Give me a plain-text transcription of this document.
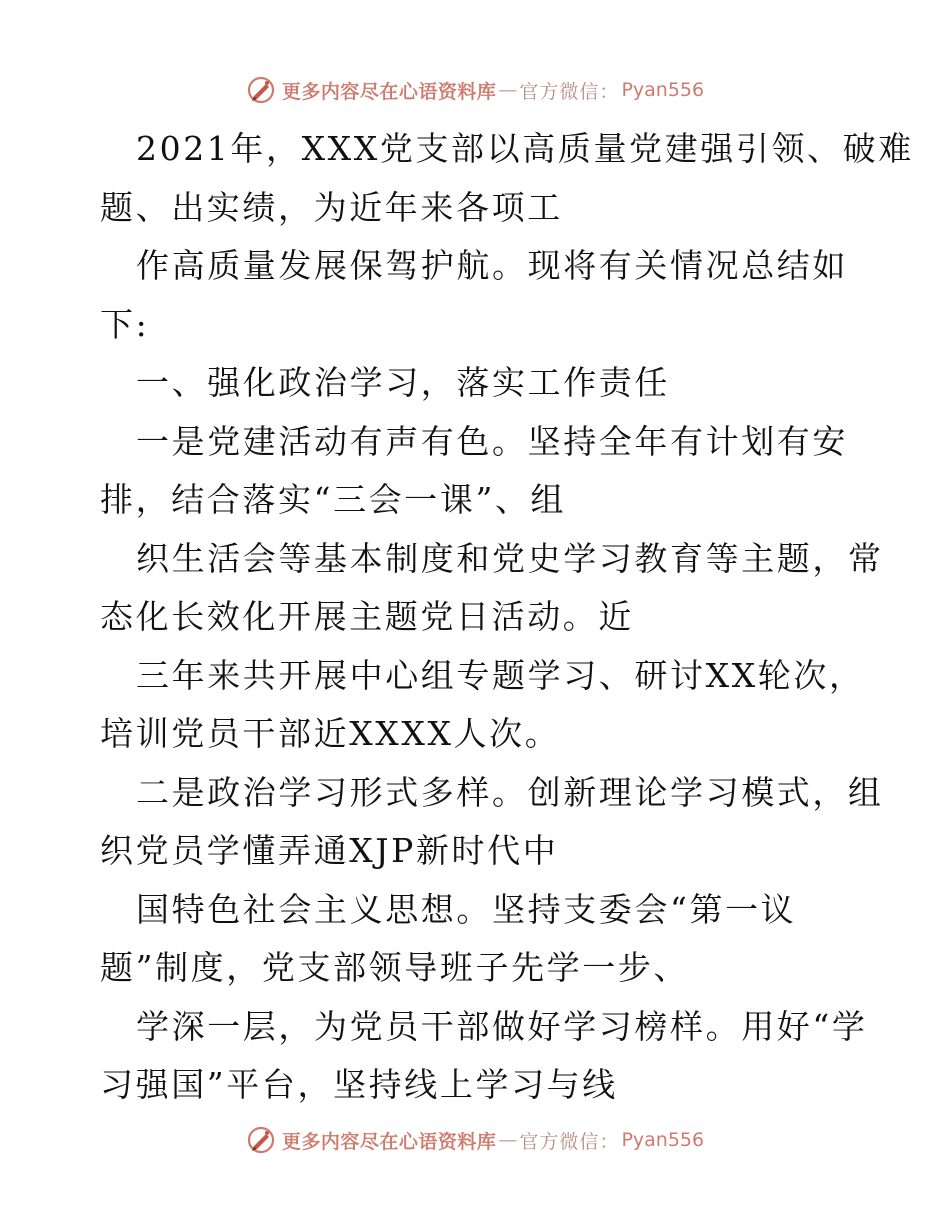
更多内容尽在心语资料库 — 官方微信： Pyan556
2021年，XXX党支部以高质量党建强引领、破难
题、出实绩，为近年来各项工
作高质量发展保驾护航。现将有关情况总结如
下:
一、强化政治学习，落实工作责任
一是党建活动有声有色。坚持全年有计划有安
排，结合落实“三会一课”、组
织生活会等基本制度和党史学习教育等主题，常
态化长效化开展主题党日活动。近
三年来共开展中心组专题学习、研讨XX轮次，
培训党员干部近XXXX人次。
二是政治学习形式多样。创新理论学习模式，组
织党员学懂弄通XJP新时代中
国特色社会主义思想。坚持支委会“第一议
题”制度，党支部领导班子先学一步、
学深一层，为党员干部做好学习榜样。用好“学
习强国”平台，坚持线上学习与线
更多内容尽在心语资料库 — 官方微信： Pyan556
